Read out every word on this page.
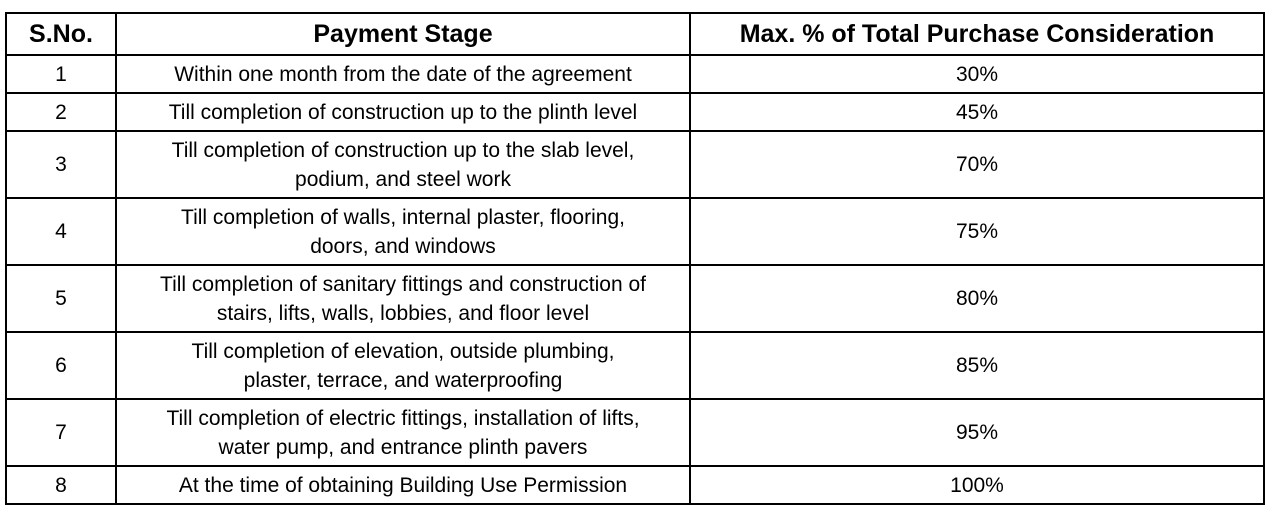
S.No.	Payment Stage	Max. % of Total Purchase Consideration
1	Within one month from the date of the agreement	30%
2	Till completion of construction up to the plinth level	45%
3	Till completion of construction up to the slab level,
podium, and steel work	70%
4	Till completion of walls, internal plaster, flooring,
doors, and windows	75%
5	Till completion of sanitary fittings and construction of
stairs, lifts, walls, lobbies, and floor level	80%
6	Till completion of elevation, outside plumbing,
plaster, terrace, and waterproofing	85%
7	Till completion of electric fittings, installation of lifts,
water pump, and entrance plinth pavers	95%
8	At the time of obtaining Building Use Permission	100%
